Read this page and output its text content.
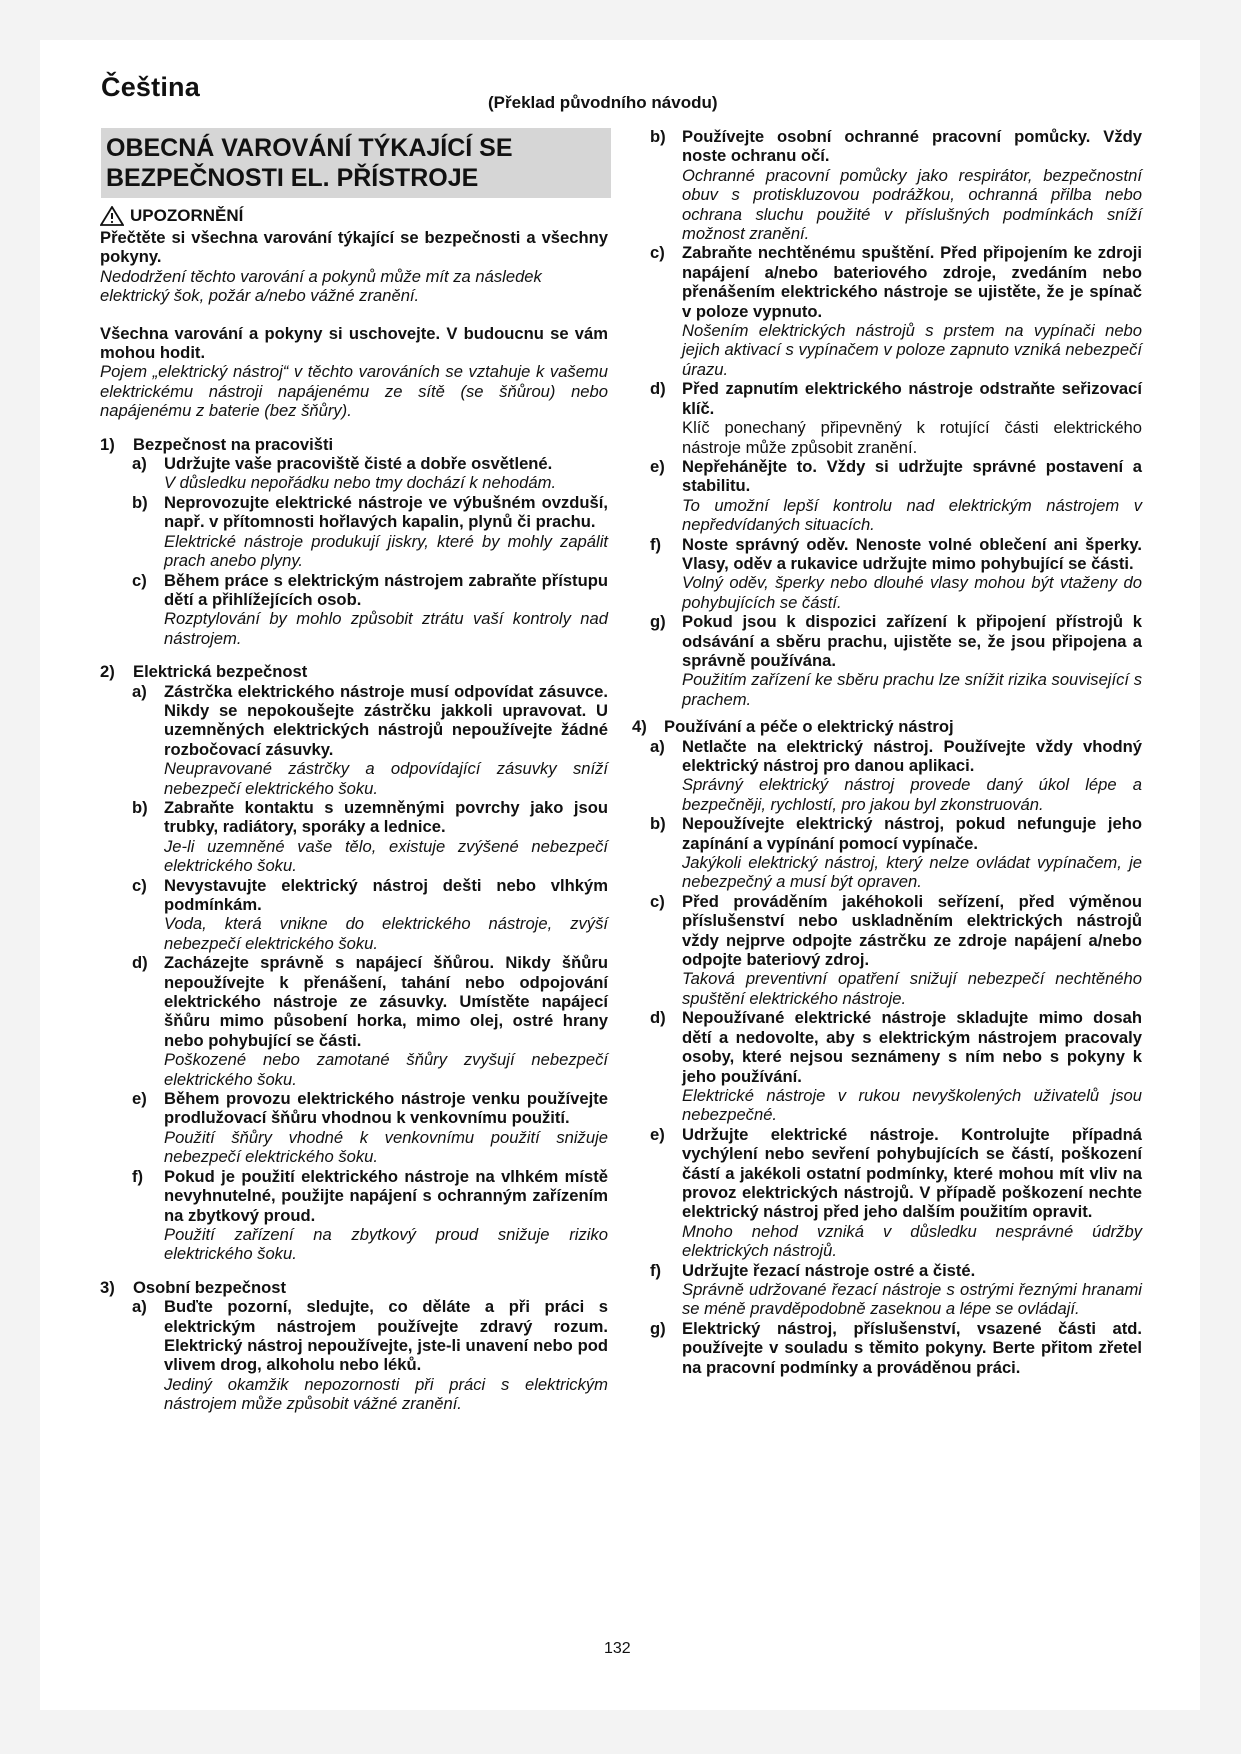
Čeština
(Překlad původního návodu)
OBECNÁ VAROVÁNÍ TÝKAJÍCÍ SE
BEZPEČNOSTI EL. PŘÍSTROJE
UPOZORNĚNÍ
Přečtěte si všechna varování týkající se bezpečnosti a všechny pokyny.
Nedodržení těchto varování a pokynů může mít za následek elektrický šok, požár a/nebo vážné zranění.
Všechna varování a pokyny si uschovejte. V budoucnu se vám mohou hodit.
Pojem „elektrický nástroj“ v těchto varováních se vztahuje k vašemu elektrickému nástroji napájenému ze sítě (se šňůrou) nebo napájenému z baterie (bez šňůry).
1)	Bezpečnost na pracovišti
a)	Udržujte vaše pracoviště čisté a dobře osvětlené.
V důsledku nepořádku nebo tmy dochází k nehodám.
b) Neprovozujte elektrické nástroje ve výbušném ovzduší, např. v přítomnosti hořlavých kapalin, plynů či prachu.
Elektrické nástroje produkují jiskry, které by mohly zapálit prach anebo plyny.
c)	Během práce s elektrickým nástrojem zabraňte přístupu dětí a přihlížejících osob.
Rozptylování by mohlo způsobit ztrátu vaší kontroly nad nástrojem.
2)	Elektrická bezpečnost
a)	Zástrčka elektrického nástroje musí odpovídat zásuvce. Nikdy se nepokoušejte zástrčku jakkoli upravovat. U uzemněných elektrických nástrojů nepoužívejte žádné rozbočovací zásuvky.
Neupravované zástrčky a odpovídající zásuvky sníží nebezpečí elektrického šoku.
b) Zabraňte kontaktu s uzemněnými povrchy jako jsou trubky, radiátory, sporáky a lednice.
Je-li uzemněné vaše tělo, existuje zvýšené nebezpečí elektrického šoku.
c)	Nevystavujte elektrický nástroj dešti nebo vlhkým podmínkám.
Voda, která vnikne do elektrického nástroje, zvýší nebezpečí elektrického šoku.
d) Zacházejte správně s napájecí šňůrou. Nikdy šňůru nepoužívejte k přenášení, tahání nebo odpojování elektrického nástroje ze zásuvky. Umístěte napájecí šňůru mimo působení horka, mimo olej, ostré hrany nebo pohybující se části.
Poškozené nebo zamotané šňůry zvyšují nebezpečí elektrického šoku.
e)	Během provozu elektrického nástroje venku používejte prodlužovací šňůru vhodnou k venkovnímu použití.
Použití šňůry vhodné k venkovnímu použití snižuje nebezpečí elektrického šoku.
f)	Pokud je použití elektrického nástroje na vlhkém místě nevyhnutelné, použijte napájení s ochranným zařízením na zbytkový proud.
Použití zařízení na zbytkový proud snižuje riziko elektrického šoku.
3)	Osobní bezpečnost
a)	Buďte pozorní, sledujte, co děláte a při práci s elektrickým nástrojem používejte zdravý rozum. Elektrický nástroj nepoužívejte, jste-li unavení nebo pod vlivem drog, alkoholu nebo léků.
Jediný okamžik nepozornosti při práci s elektrickým nástrojem může způsobit vážné zranění.
b) Používejte osobní ochranné pracovní pomůcky. Vždy noste ochranu očí.
Ochranné pracovní pomůcky jako respirátor, bezpečnostní obuv s protiskluzovou podrážkou, ochranná přilba nebo ochrana sluchu použité v příslušných podmínkách sníží možnost zranění.
c)	Zabraňte nechtěnému spuštění. Před připojením ke zdroji napájení a/nebo bateriového zdroje, zvedáním nebo přenášením elektrického nástroje se ujistěte, že je spínač v poloze vypnuto.
Nošením elektrických nástrojů s prstem na vypínači nebo jejich aktivací s vypínačem v poloze zapnuto vzniká nebezpečí úrazu.
d) Před zapnutím elektrického nástroje odstraňte seřizovací klíč.
Klíč ponechaný připevněný k rotující části elektrického nástroje může způsobit zranění.
e)	Nepřehánějte to. Vždy si udržujte správné postavení a stabilitu.
To umožní lepší kontrolu nad elektrickým nástrojem v nepředvídaných situacích.
f)	Noste správný oděv. Nenoste volné oblečení ani šperky. Vlasy, oděv a rukavice udržujte mimo pohybující se části.
Volný oděv, šperky nebo dlouhé vlasy mohou být vtaženy do pohybujících se částí.
g) Pokud jsou k dispozici zařízení k připojení přístrojů k odsávání a sběru prachu, ujistěte se, že jsou připojena a správně používána.
Použitím zařízení ke sběru prachu lze snížit rizika související s prachem.
4)	Používání a péče o elektrický nástroj
a)	Netlačte na elektrický nástroj. Používejte vždy vhodný elektrický nástroj pro danou aplikaci.
Správný elektrický nástroj provede daný úkol lépe a bezpečněji, rychlostí, pro jakou byl zkonstruován.
b) Nepoužívejte elektrický nástroj, pokud nefunguje jeho zapínání a vypínání pomocí vypínače.
Jakýkoli elektrický nástroj, který nelze ovládat vypínačem, je nebezpečný a musí být opraven.
c)	Před prováděním jakéhokoli seřízení, před výměnou příslušenství nebo uskladněním elektrických nástrojů vždy nejprve odpojte zástrčku ze zdroje napájení a/nebo odpojte bateriový zdroj.
Taková preventivní opatření snižují nebezpečí nechtěného spuštění elektrického nástroje.
d) Nepoužívané elektrické nástroje skladujte mimo dosah dětí a nedovolte, aby s elektrickým nástrojem pracovaly osoby, které nejsou seznámeny s ním nebo s pokyny k jeho používání.
Elektrické nástroje v rukou nevyškolených uživatelů jsou nebezpečné.
e)	Udržujte elektrické nástroje. Kontrolujte případná vychýlení nebo sevření pohybujících se částí, poškození částí a jakékoli ostatní podmínky, které mohou mít vliv na provoz elektrických nástrojů. V případě poškození nechte elektrický nástroj před jeho dalším použitím opravit.
Mnoho nehod vzniká v důsledku nesprávné údržby elektrických nástrojů.
f)	Udržujte řezací nástroje ostré a čisté.
Správně udržované řezací nástroje s ostrými řeznými hranami se méně pravděpodobně zaseknou a lépe se ovládají.
g) Elektrický nástroj, příslušenství, vsazené části atd. používejte v souladu s těmito pokyny. Berte přitom zřetel na pracovní podmínky a prováděnou práci.
132
